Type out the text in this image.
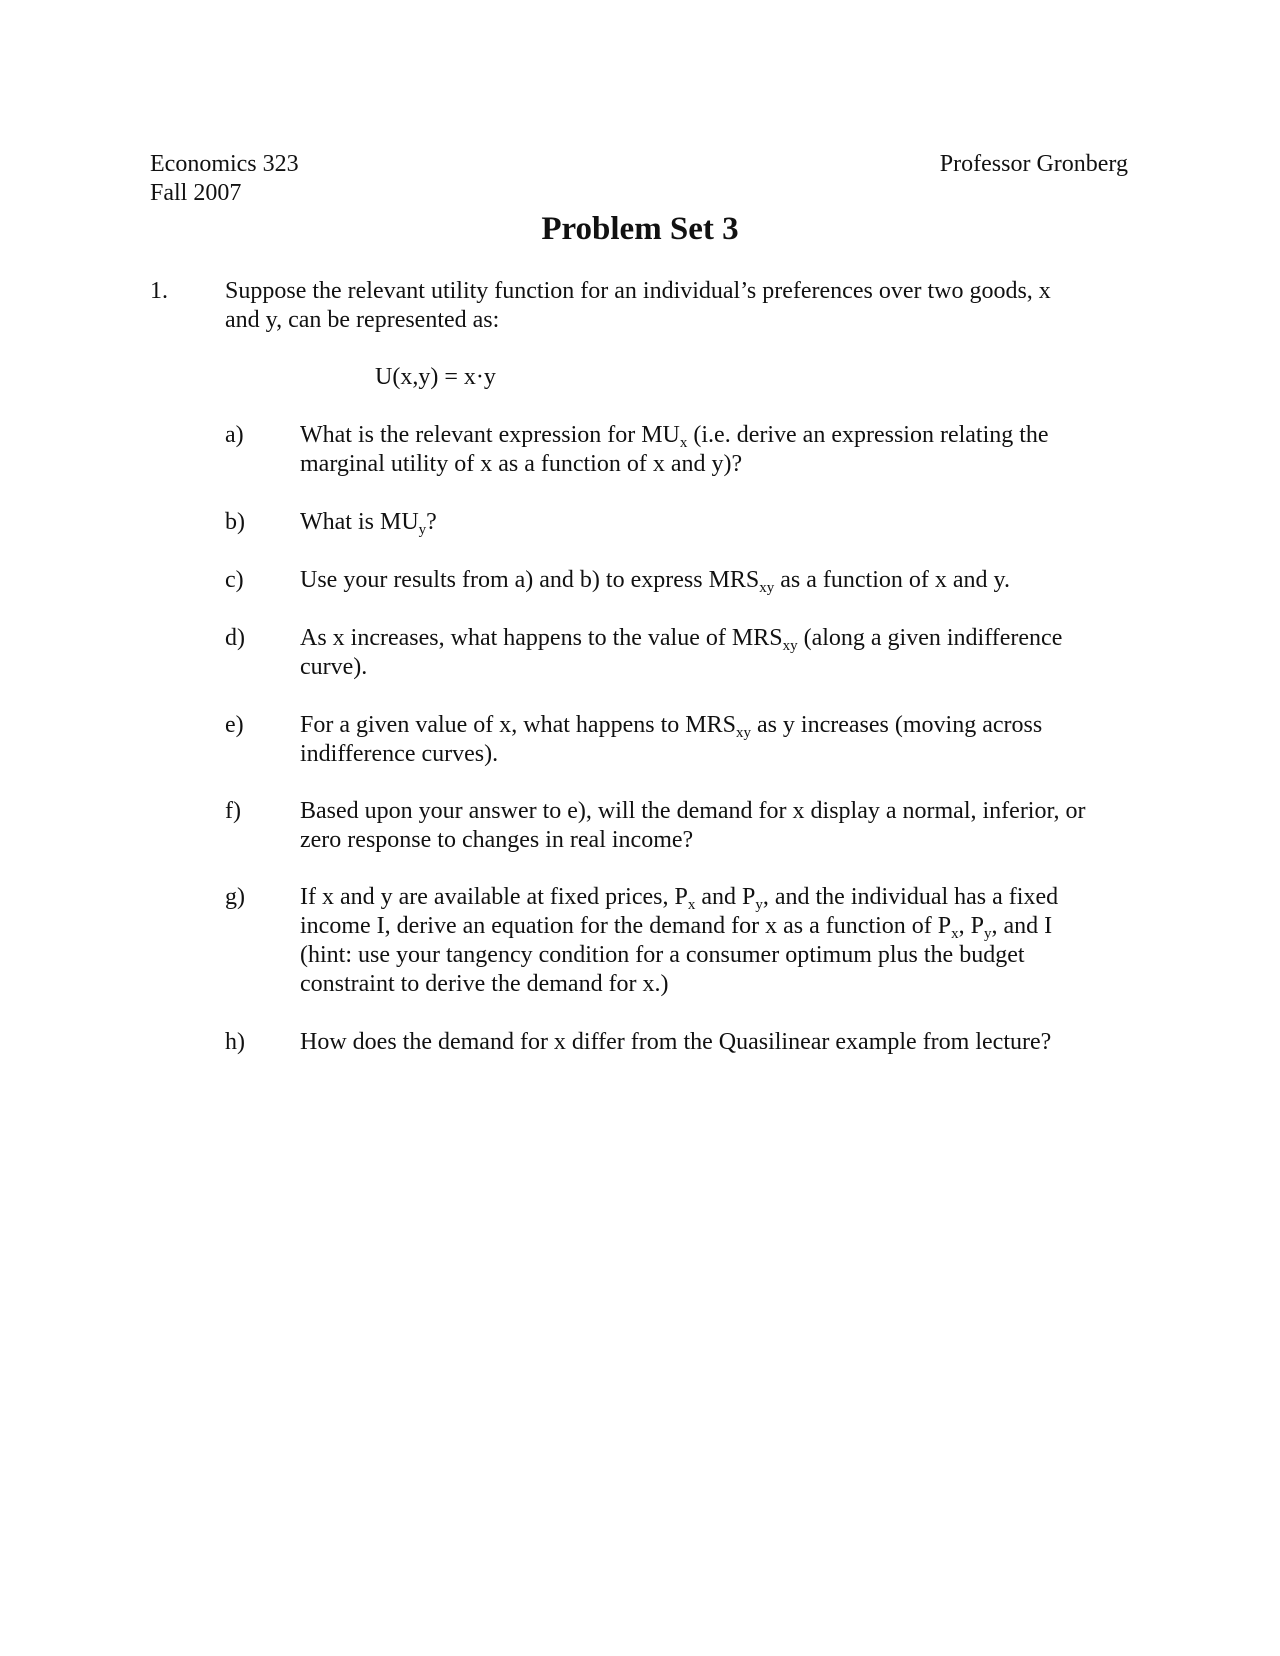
Economics 323
Fall 2007
Professor Gronberg
Problem Set 3
1. Suppose the relevant utility function for an individual’s preferences over two goods, x
and y, can be represented as:
U(x,y) = x·y
a) What is the relevant expression for $MU_x$ (i.e. derive an expression relating the
marginal utility of x as a function of x and y)?
b) What is $MU_y$?
c) Use your results from a) and b) to express $MRS_{xy}$ as a function of x and y.
d) As x increases, what happens to the value of $MRS_{xy}$ (along a given indifference
curve).
e) For a given value of x, what happens to $MRS_{xy}$ as y increases (moving across
indifference curves).
f) Based upon your answer to e), will the demand for x display a normal, inferior, or
zero response to changes in real income?
g) If x and y are available at fixed prices, $P_x$ and $P_y$, and the individual has a fixed
income I, derive an equation for the demand for x as a function of $P_x$, $P_y$, and I
(hint: use your tangency condition for a consumer optimum plus the budget
constraint to derive the demand for x.)
h) How does the demand for x differ from the Quasilinear example from lecture?
